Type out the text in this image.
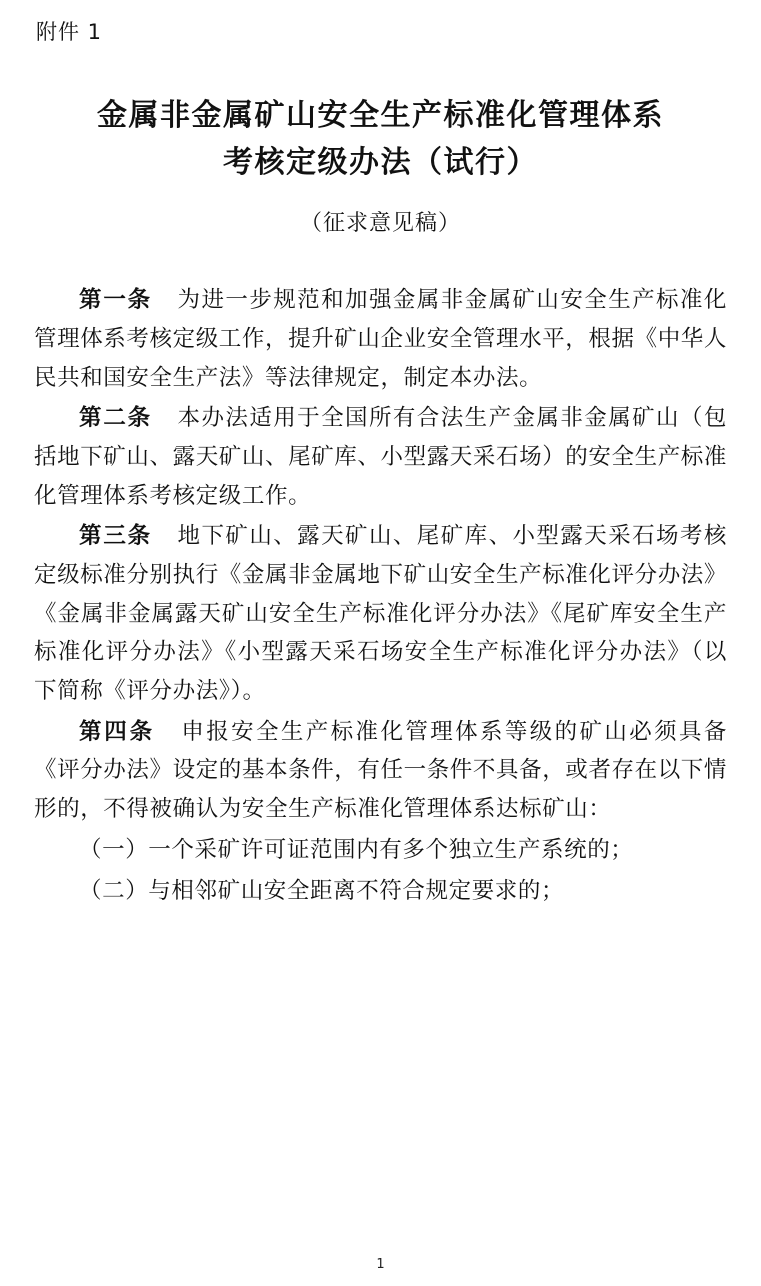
附件 1
金属非金属矿山安全生产标准化管理体系
考核定级办法（试行）
（征求意见稿）

第一条 为进一步规范和加强金属非金属矿山安全生产标准化管理体系考核定级工作，提升矿山企业安全管理水平，根据《中华人民共和国安全生产法》等法律规定，制定本办法。

第二条 本办法适用于全国所有合法生产金属非金属矿山（包括地下矿山、露天矿山、尾矿库、小型露天采石场）的安全生产标准化管理体系考核定级工作。

第三条 地下矿山、露天矿山、尾矿库、小型露天采石场考核定级标准分别执行《金属非金属地下矿山安全生产标准化评分办法》《金属非金属露天矿山安全生产标准化评分办法》《尾矿库安全生产标准化评分办法》《小型露天采石场安全生产标准化评分办法》（以下简称《评分办法》）。

第四条 申报安全生产标准化管理体系等级的矿山必须具备《评分办法》设定的基本条件，有任一条件不具备，或者存在以下情形的，不得被确认为安全生产标准化管理体系达标矿山：

（一）一个采矿许可证范围内有多个独立生产系统的；

（二）与相邻矿山安全距离不符合规定要求的；

1
